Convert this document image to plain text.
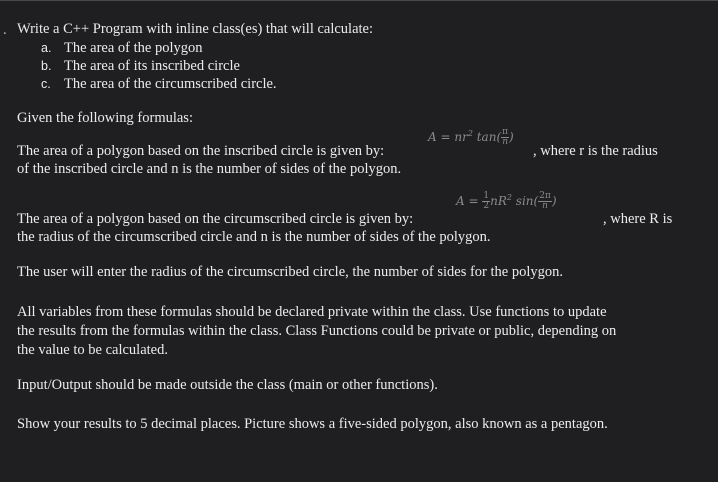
. Write a C++ Program with inline class(es) that will calculate:
a. The area of the polygon
b. The area of its inscribed circle
c. The area of the circumscribed circle.
Given the following formulas:
The area of a polygon based on the inscribed circle is given by:
$A = nr^2$ $\tan( \frac{\pi}{n}$ )
, where r is the radius
of the inscribed circle and n is the number of sides of the polygon.
The area of a polygon based on the circumscribed circle is given by:
$A = \frac{1}{2} nR^2$ $\sin( \frac{2\pi}{n}$ )
, where R is
the radius of the circumscribed circle and n is the number of sides of the polygon.
The user will enter the radius of the circumscribed circle, the number of sides for the polygon.
All variables from these formulas should be declared private within the class. Use functions to update
the results from the formulas within the class. Class Functions could be private or public, depending on
the value to be calculated.
Input/Output should be made outside the class (main or other functions).
Show your results to 5 decimal places. Picture shows a five-sided polygon, also known as a pentagon.
